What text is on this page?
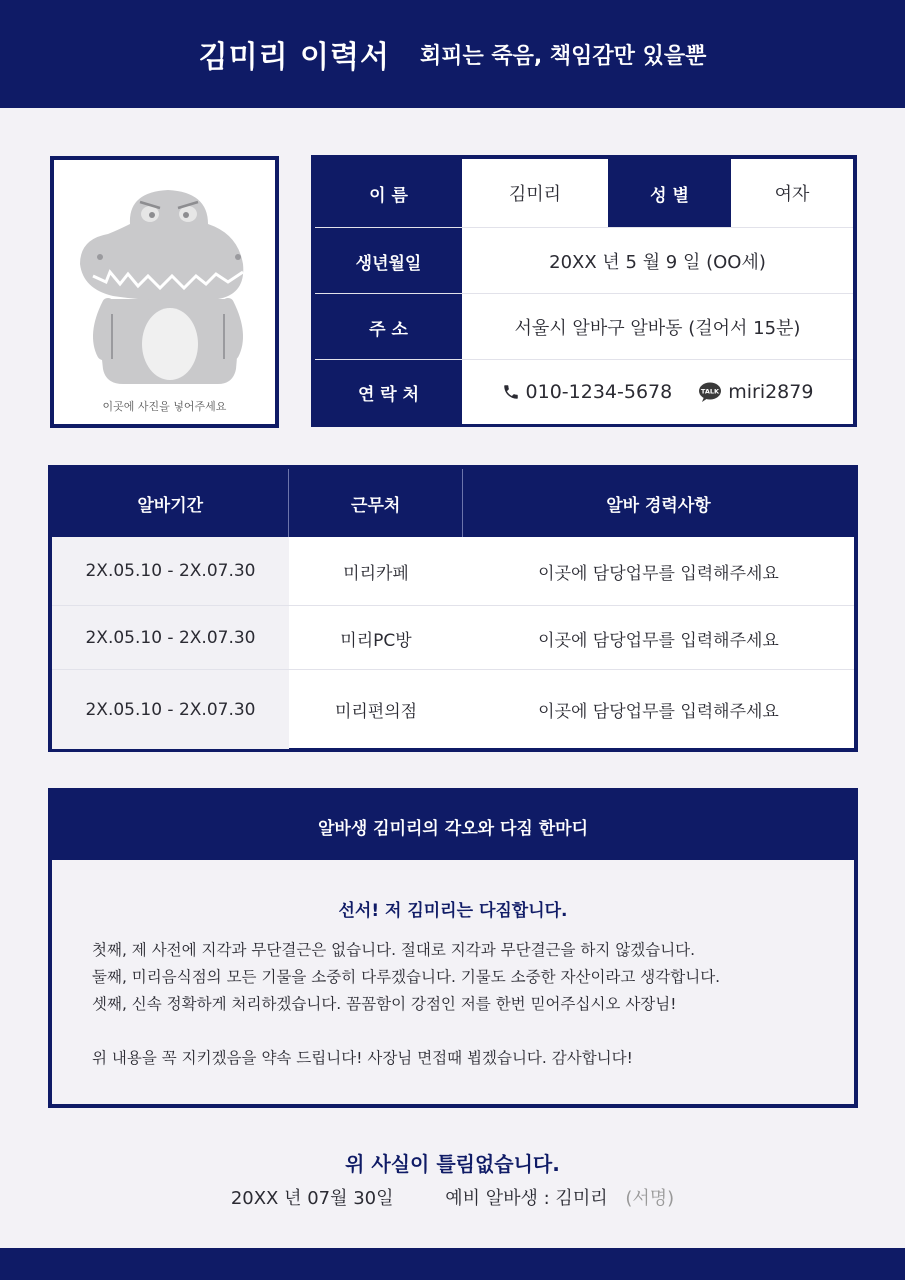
김미리 이력서 회피는 죽음, 책임감만 있을뿐
이곳에 사진을 넣어주세요
이 름	김미리	성 별	여자
생년월일	20XX 년 5 월 9 일 (OO세)
주 소	서울시 알바구 알바동 (걸어서 15분)
연 락 처	010-1234-5678	TALK miri2879
알바기간	근무처	알바 경력사항
2X.05.10 - 2X.07.30	미리카페	이곳에 담당업무를 입력해주세요
2X.05.10 - 2X.07.30	미리PC방	이곳에 담당업무를 입력해주세요
2X.05.10 - 2X.07.30	미리편의점	이곳에 담당업무를 입력해주세요
알바생 김미리의 각오와 다짐 한마디
선서! 저 김미리는 다짐합니다.
첫째, 제 사전에 지각과 무단결근은 없습니다. 절대로 지각과 무단결근을 하지 않겠습니다.
둘째, 미리음식점의 모든 기물을 소중히 다루겠습니다. 기물도 소중한 자산이라고 생각합니다.
셋째, 신속 정확하게 처리하겠습니다. 꼼꼼함이 강점인 저를 한번 믿어주십시오 사장님!
위 내용을 꼭 지키겠음을 약속 드립니다! 사장님 면접때 뵙겠습니다. 감사합니다!
위 사실이 틀림없습니다.
20XX 년 07월 30일	예비 알바생 : 김미리 (서명)
